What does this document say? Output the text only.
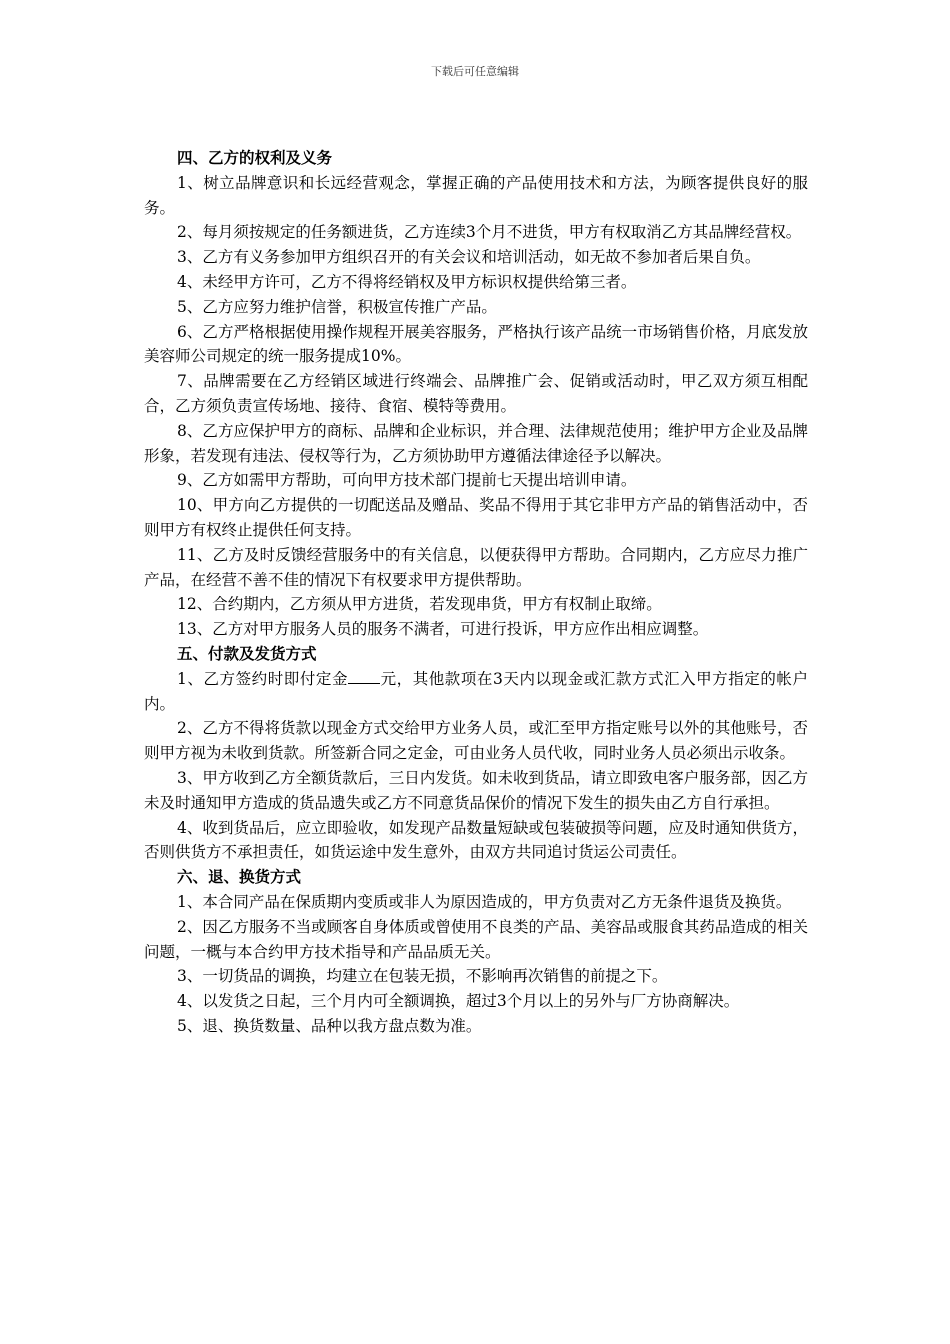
下载后可任意编辑
四、乙方的权利及义务

1、树立品牌意识和长远经营观念，掌握正确的产品使用技术和方法，为顾客提供良好的服务。

2、每月须按规定的任务额进货，乙方连续3个月不进货，甲方有权取消乙方其品牌经营权。

3、乙方有义务参加甲方组织召开的有关会议和培训活动，如无故不参加者后果自负。

4、未经甲方许可，乙方不得将经销权及甲方标识权提供给第三者。

5、乙方应努力维护信誉，积极宣传推广产品。

6、乙方严格根据使用操作规程开展美容服务，严格执行该产品统一市场销售价格，月底发放美容师公司规定的统一服务提成10%。

7、品牌需要在乙方经销区域进行终端会、品牌推广会、促销或活动时，甲乙双方须互相配合，乙方须负责宣传场地、接待、食宿、模特等费用。

8、乙方应保护甲方的商标、品牌和企业标识，并合理、法律规范使用；维护甲方企业及品牌形象，若发现有违法、侵权等行为，乙方须协助甲方遵循法律途径予以解决。

9、乙方如需甲方帮助，可向甲方技术部门提前七天提出培训申请。

10、甲方向乙方提供的一切配送品及赠品、奖品不得用于其它非甲方产品的销售活动中，否则甲方有权终止提供任何支持。

11、乙方及时反馈经营服务中的有关信息，以便获得甲方帮助。合同期内，乙方应尽力推广产品，在经营不善不佳的情况下有权要求甲方提供帮助。

12、合约期内，乙方须从甲方进货，若发现串货，甲方有权制止取缔。

13、乙方对甲方服务人员的服务不满者，可进行投诉，甲方应作出相应调整。

五、付款及发货方式

1、乙方签约时即付定金 元，其他款项在3天内以现金或汇款方式汇入甲方指定的帐户内。

2、乙方不得将货款以现金方式交给甲方业务人员，或汇至甲方指定账号以外的其他账号，否则甲方视为未收到货款。所签新合同之定金，可由业务人员代收，同时业务人员必须出示收条。

3、甲方收到乙方全额货款后，三日内发货。如未收到货品，请立即致电客户服务部，因乙方未及时通知甲方造成的货品遗失或乙方不同意货品保价的情况下发生的损失由乙方自行承担。

4、收到货品后，应立即验收，如发现产品数量短缺或包装破损等问题，应及时通知供货方，否则供货方不承担责任，如货运途中发生意外，由双方共同追讨货运公司责任。

六、退、换货方式

1、本合同产品在保质期内变质或非人为原因造成的，甲方负责对乙方无条件退货及换货。

2、因乙方服务不当或顾客自身体质或曾使用不良类的产品、美容品或服食其药品造成的相关问题，一概与本合约甲方技术指导和产品品质无关。

3、一切货品的调换，均建立在包装无损，不影响再次销售的前提之下。

4、以发货之日起，三个月内可全额调换，超过3个月以上的另外与厂方协商解决。

5、退、换货数量、品种以我方盘点数为准。
